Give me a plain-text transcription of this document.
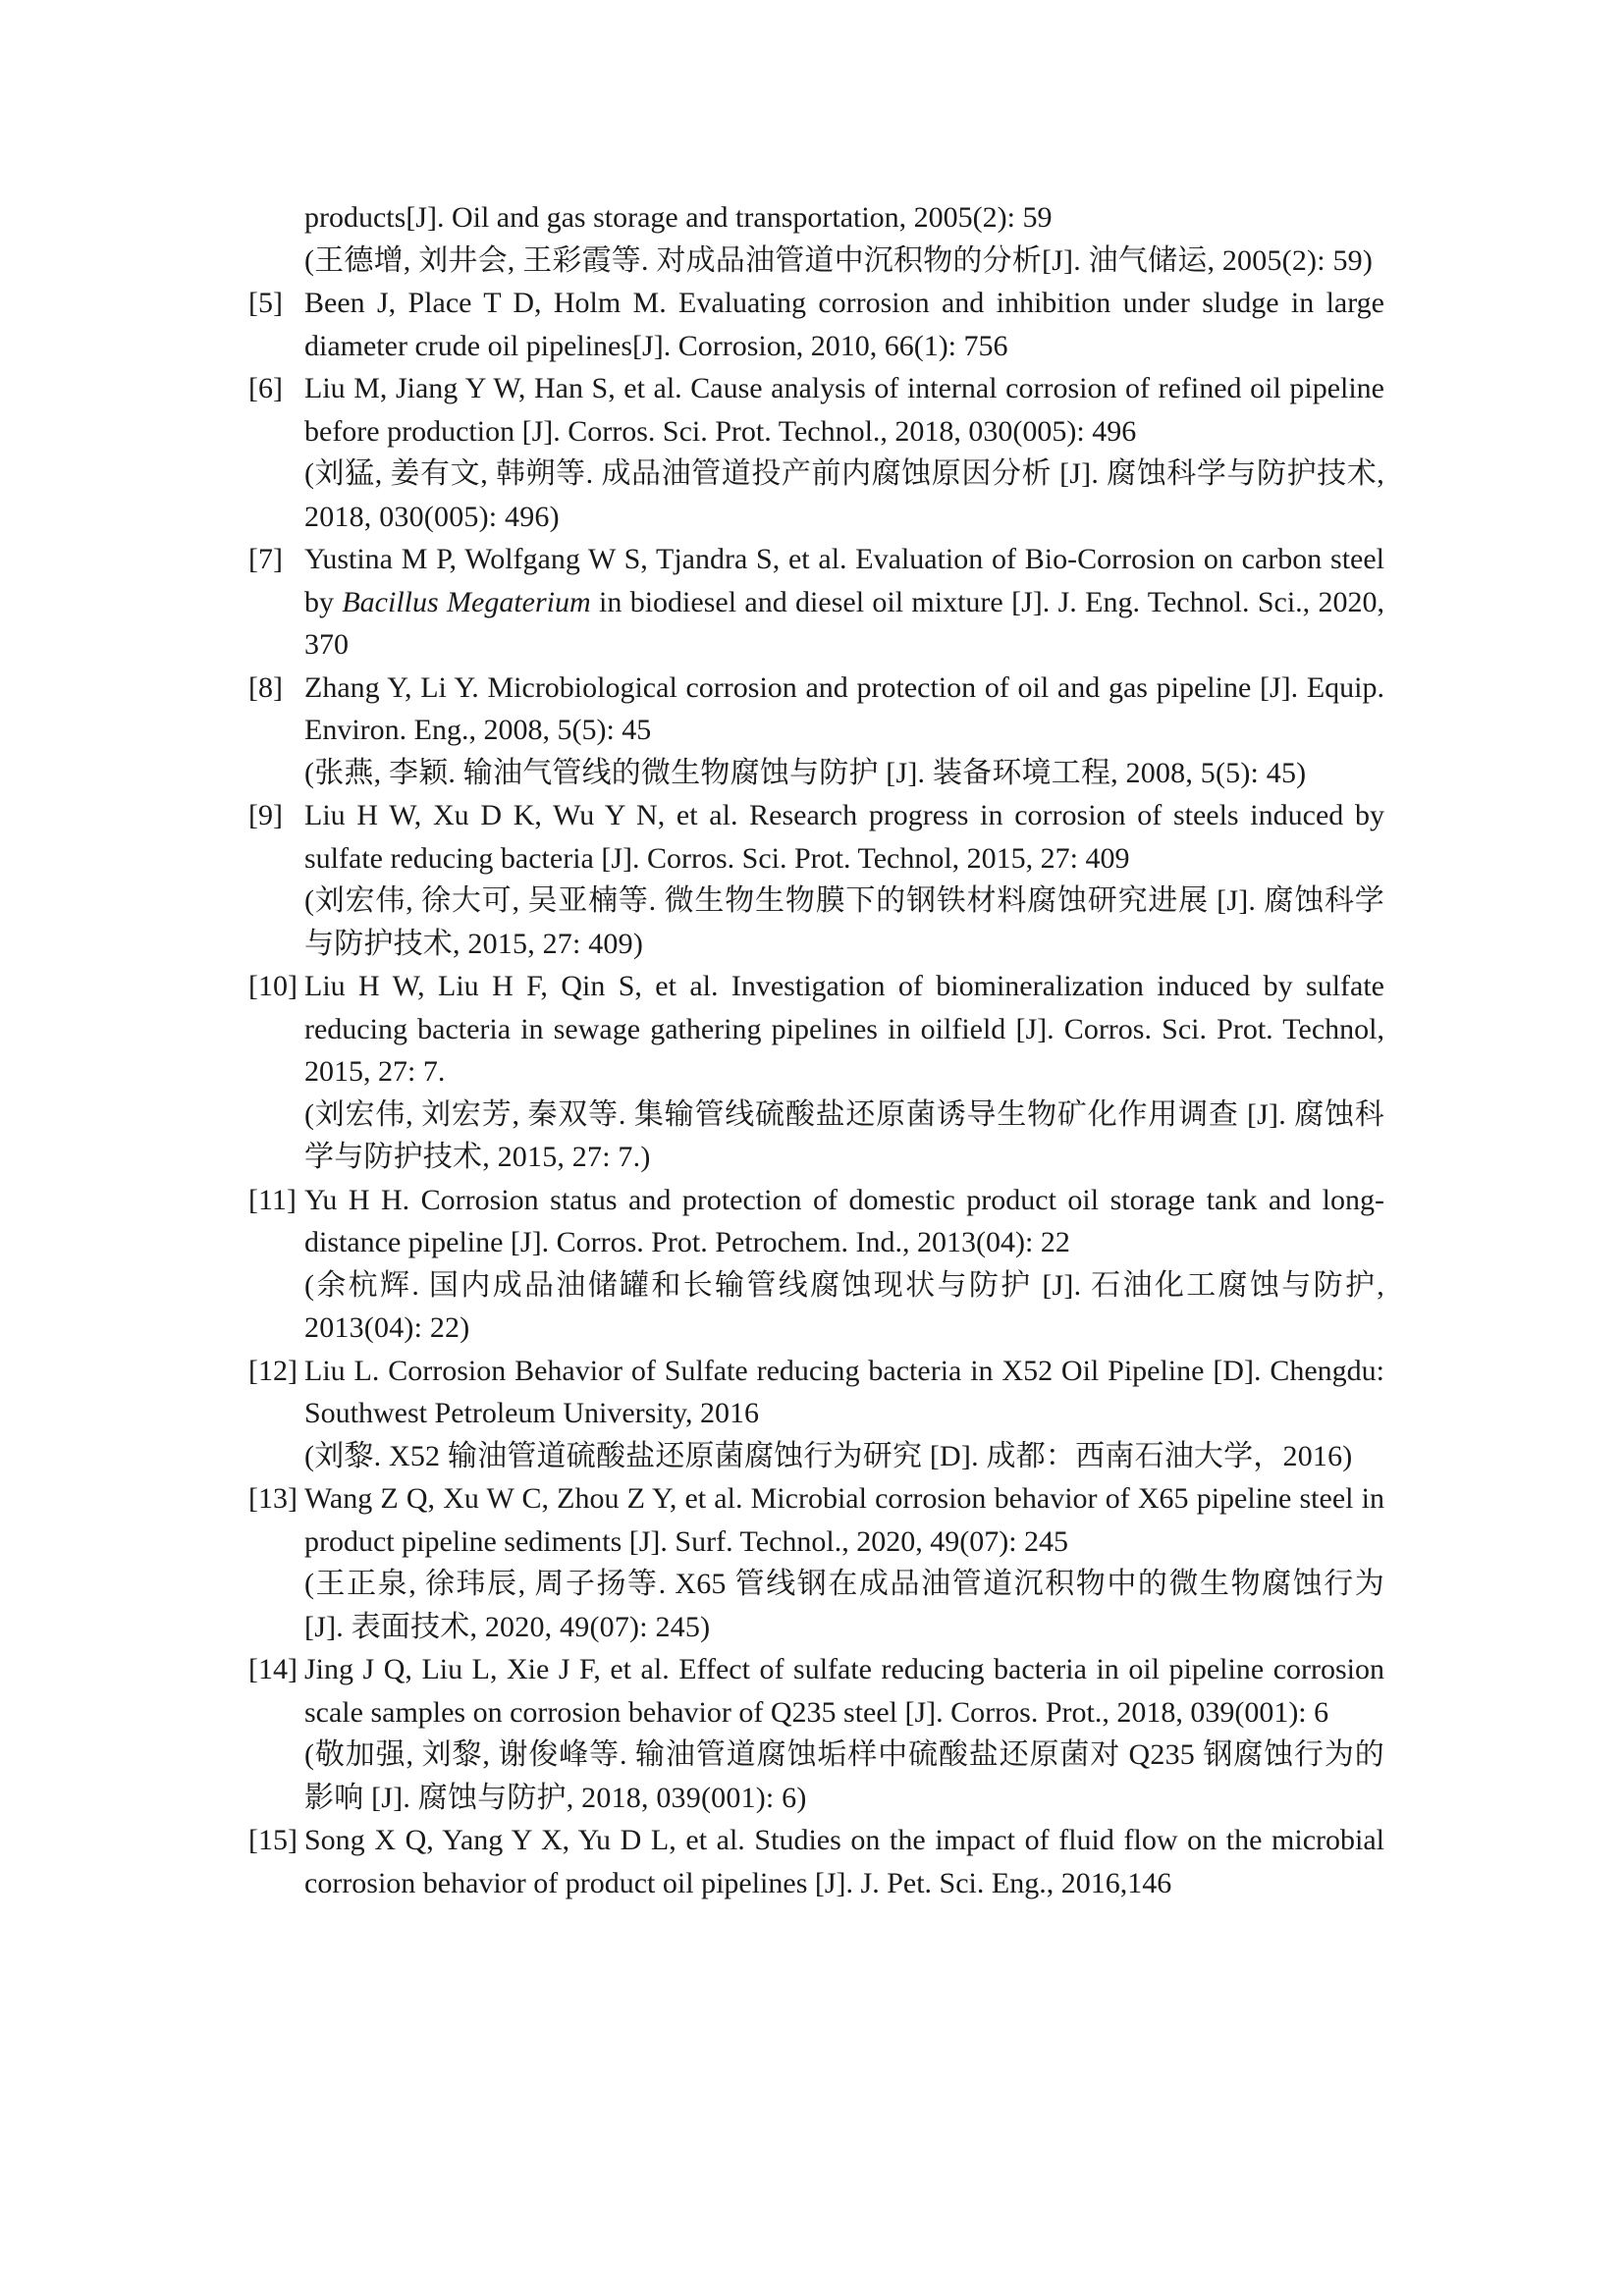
products[J]. Oil and gas storage and transportation, 2005(2): 59

(王德增, 刘井会, 王彩霞等. 对成品油管道中沉积物的分析[J]. 油气储运, 2005(2): 59)

[5] Been J, Place T D, Holm M. Evaluating corrosion and inhibition under sludge in large diameter crude oil pipelines[J]. Corrosion, 2010, 66(1): 756

[6] Liu M, Jiang Y W, Han S, et al. Cause analysis of internal corrosion of refined oil pipeline before production [J]. Corros. Sci. Prot. Technol., 2018, 030(005): 496

(刘猛, 姜有文, 韩朔等. 成品油管道投产前内腐蚀原因分析 [J]. 腐蚀科学与防护技术, 2018, 030(005): 496)

[7] Yustina M P, Wolfgang W S, Tjandra S, et al. Evaluation of Bio-Corrosion on carbon steel by Bacillus Megaterium in biodiesel and diesel oil mixture [J]. J. Eng. Technol. Sci., 2020, 370

[8] Zhang Y, Li Y. Microbiological corrosion and protection of oil and gas pipeline [J]. Equip. Environ. Eng., 2008, 5(5): 45

(张燕, 李颖. 输油气管线的微生物腐蚀与防护 [J]. 装备环境工程, 2008, 5(5): 45)

[9] Liu H W, Xu D K, Wu Y N, et al. Research progress in corrosion of steels induced by sulfate reducing bacteria [J]. Corros. Sci. Prot. Technol, 2015, 27: 409

(刘宏伟, 徐大可, 吴亚楠等. 微生物生物膜下的钢铁材料腐蚀研究进展 [J]. 腐蚀科学与防护技术, 2015, 27: 409)

[10] Liu H W, Liu H F, Qin S, et al. Investigation of biomineralization induced by sulfate reducing bacteria in sewage gathering pipelines in oilfield [J]. Corros. Sci. Prot. Technol, 2015, 27: 7.

(刘宏伟, 刘宏芳, 秦双等. 集输管线硫酸盐还原菌诱导生物矿化作用调查 [J]. 腐蚀科学与防护技术, 2015, 27: 7.)

[11] Yu H H. Corrosion status and protection of domestic product oil storage tank and long-distance pipeline [J]. Corros. Prot. Petrochem. Ind., 2013(04): 22

(余杭辉. 国内成品油储罐和长输管线腐蚀现状与防护 [J]. 石油化工腐蚀与防护, 2013(04): 22)

[12] Liu L. Corrosion Behavior of Sulfate reducing bacteria in X52 Oil Pipeline [D]. Chengdu: Southwest Petroleum University, 2016

(刘黎. X52 输油管道硫酸盐还原菌腐蚀行为研究 [D]. 成都：西南石油大学，2016)

[13] Wang Z Q, Xu W C, Zhou Z Y, et al. Microbial corrosion behavior of X65 pipeline steel in product pipeline sediments [J]. Surf. Technol., 2020, 49(07): 245

(王正泉, 徐玮辰, 周子扬等. X65 管线钢在成品油管道沉积物中的微生物腐蚀行为 [J]. 表面技术, 2020, 49(07): 245)

[14] Jing J Q, Liu L, Xie J F, et al. Effect of sulfate reducing bacteria in oil pipeline corrosion scale samples on corrosion behavior of Q235 steel [J]. Corros. Prot., 2018, 039(001): 6

(敬加强, 刘黎, 谢俊峰等. 输油管道腐蚀垢样中硫酸盐还原菌对 Q235 钢腐蚀行为的影响 [J]. 腐蚀与防护, 2018, 039(001): 6)

[15] Song X Q, Yang Y X, Yu D L, et al. Studies on the impact of fluid flow on the microbial corrosion behavior of product oil pipelines [J]. J. Pet. Sci. Eng., 2016,146
